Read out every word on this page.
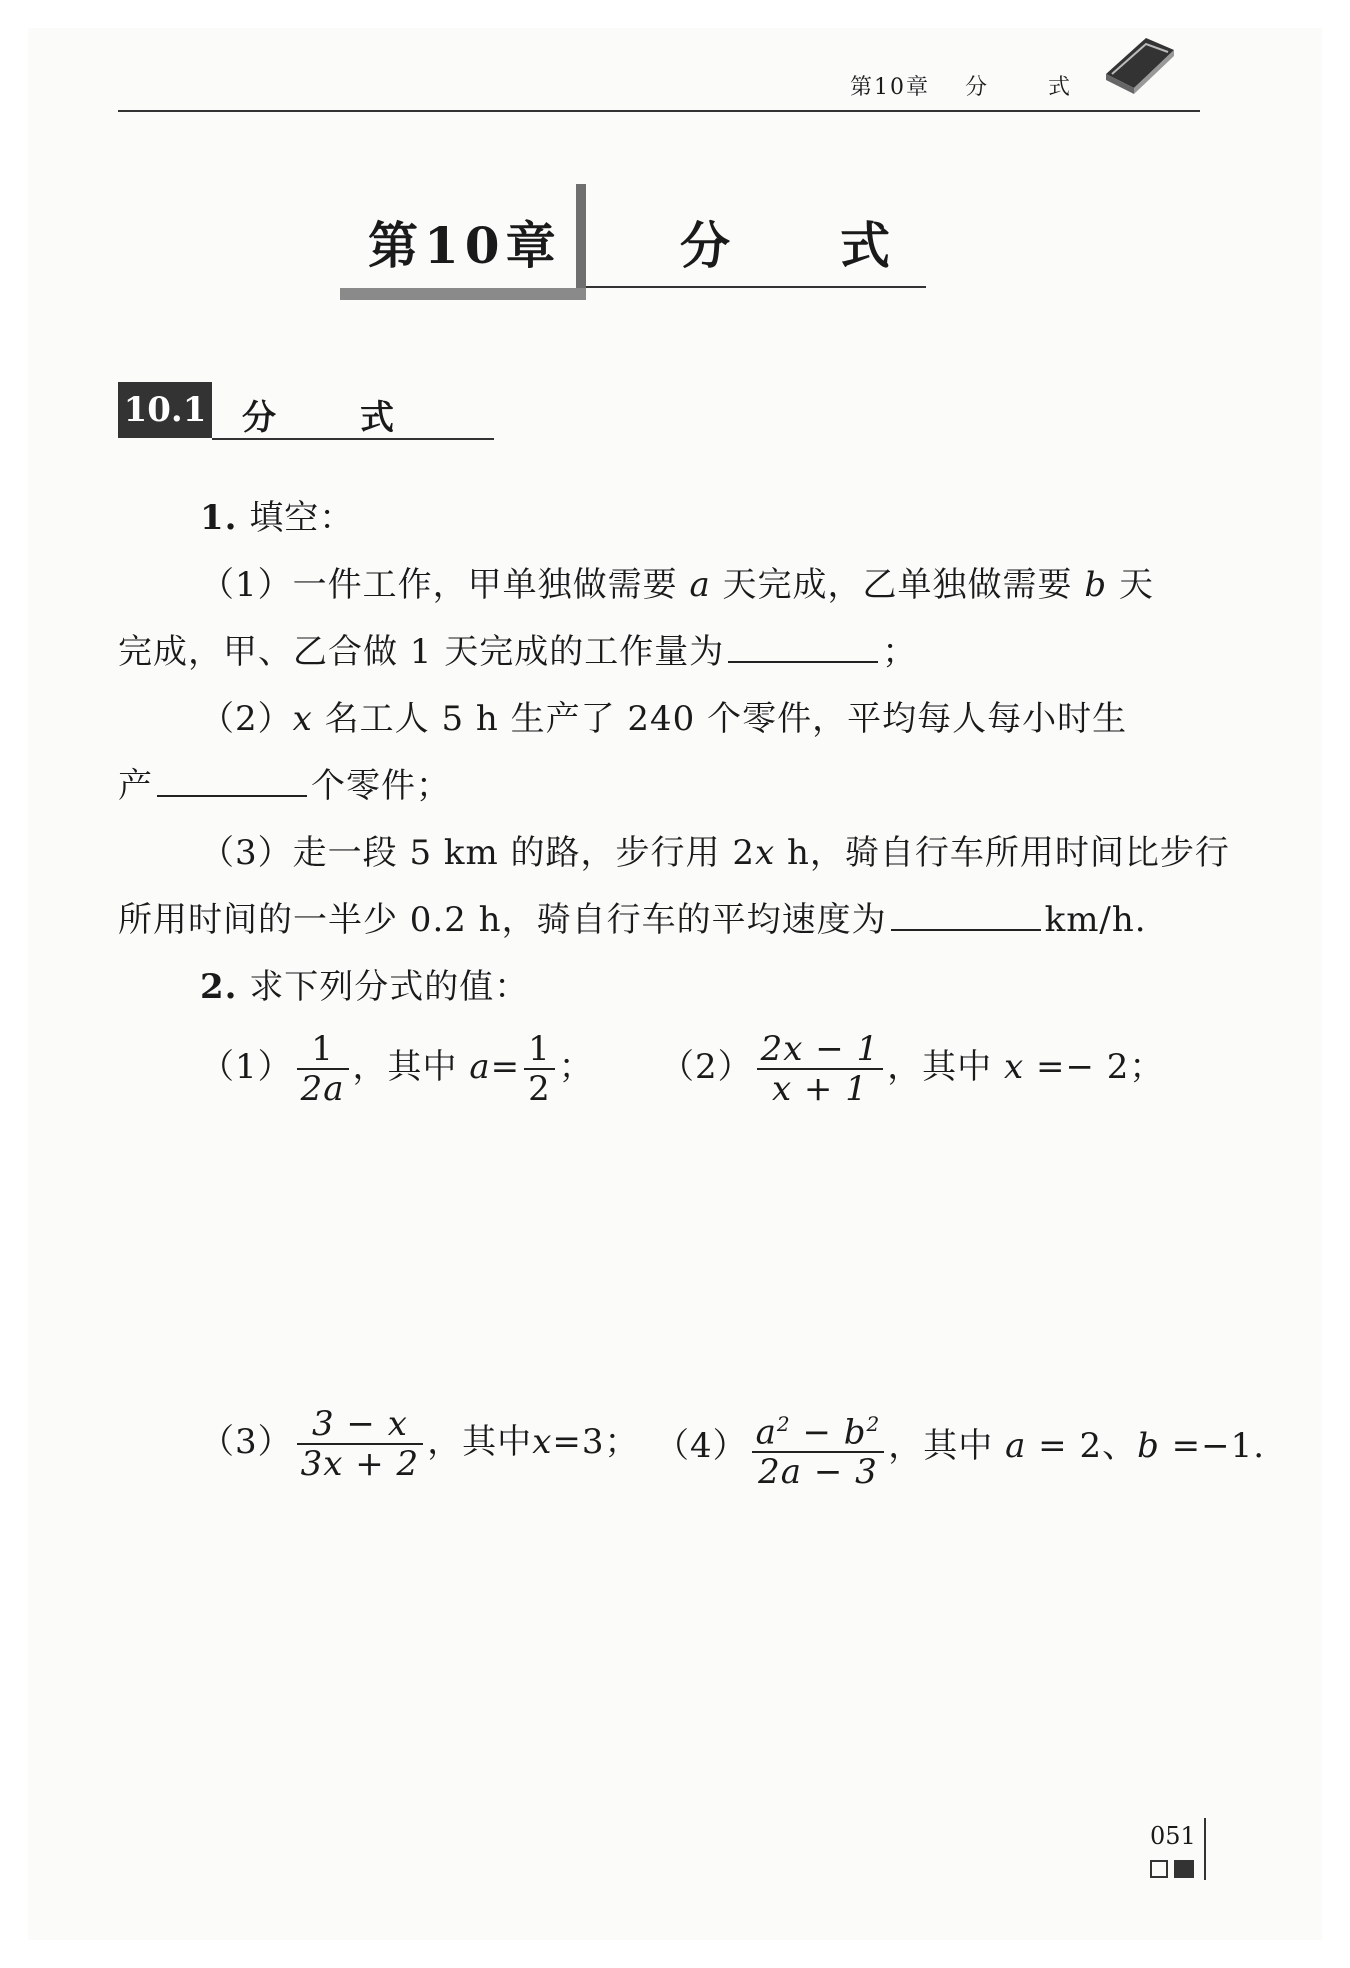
第10章 分	式
第10章 分 式
10.1 分 式
1. 填空：
（1）一件工作，甲单独做需要 a 天完成，乙单独做需要 b 天
完成，甲、乙合做 1 天完成的工作量为	；
（2）x 名工人 5 h 生产了 240 个零件，平均每人每小时生
产	个零件；
（3）走一段 5 km 的路，步行用 2x h，骑自行车所用时间比步行
所用时间的一半少 0.2 h，骑自行车的平均速度为	km/h.
2. 求下列分式的值：
$(1) \frac{1}{2a}$ ，其中 $a= \frac{1}{2}$ ； $(2) \frac{2x - 1}{x + 1}$ ，其中 x =− 2；
$(3) \frac{3 - x}{3x + 2}$ ，其中x=3； $(4) \frac{a^2 - b^2}{2a - 3}$ ，其中 a = 2、b =−1.
051
